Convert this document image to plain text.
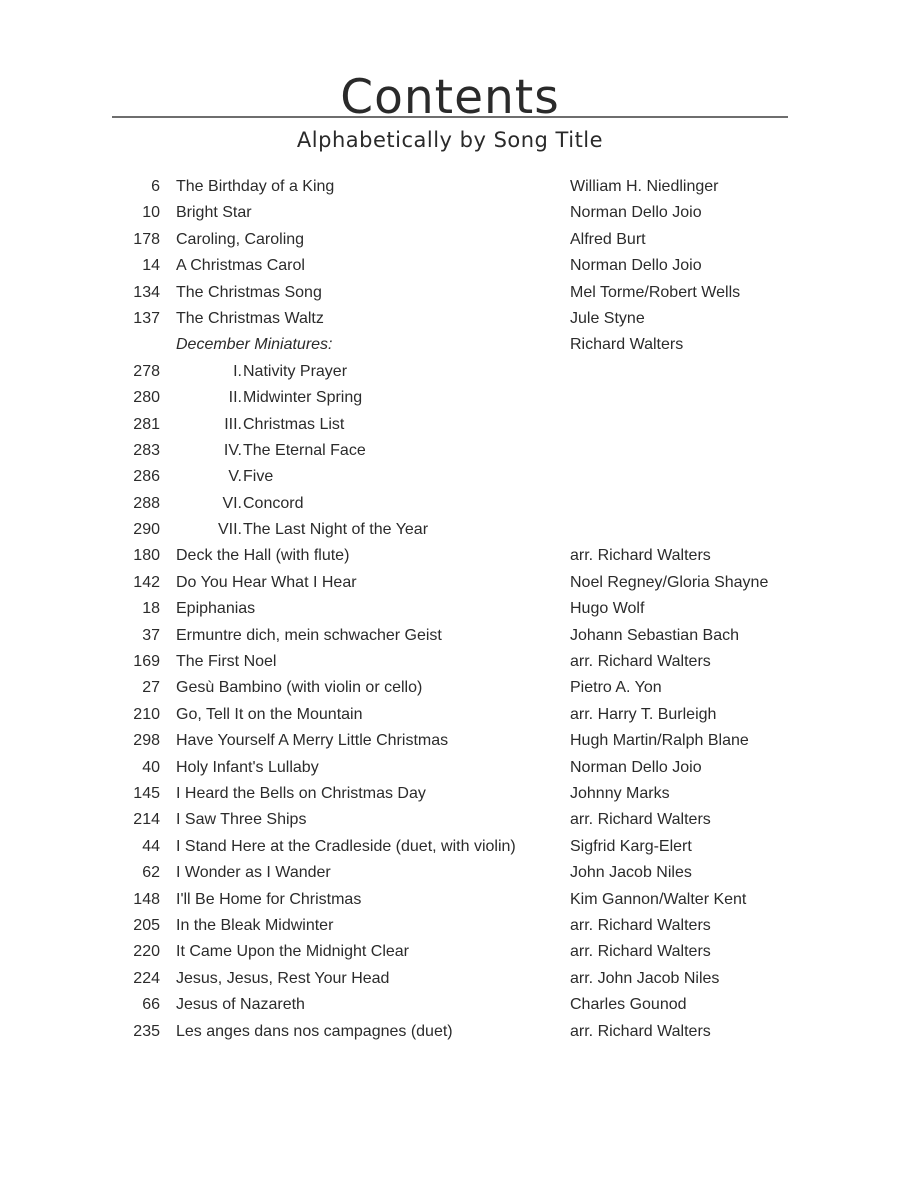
Contents
Alphabetically by Song Title
6 The Birthday of a King	William H. Niedlinger
10 Bright Star	Norman Dello Joio
178 Caroling, Caroling	Alfred Burt
14 A Christmas Carol	Norman Dello Joio
134 The Christmas Song	Mel Torme/Robert Wells
137 The Christmas Waltz	Jule Styne
December Miniatures:	Richard Walters
278	I. Nativity Prayer
280	II. Midwinter Spring
281	III. Christmas List
283	IV. The Eternal Face
286	V. Five
288	VI. Concord
290	VII. The Last Night of the Year
180 Deck the Hall (with flute)	arr. Richard Walters
142 Do You Hear What I Hear	Noel Regney/Gloria Shayne
18 Epiphanias	Hugo Wolf
37 Ermuntre dich, mein schwacher Geist	Johann Sebastian Bach
169 The First Noel	arr. Richard Walters
27 Gesù Bambino (with violin or cello)	Pietro A. Yon
210 Go, Tell It on the Mountain	arr. Harry T. Burleigh
298 Have Yourself A Merry Little Christmas	Hugh Martin/Ralph Blane
40 Holy Infant's Lullaby	Norman Dello Joio
145 I Heard the Bells on Christmas Day	Johnny Marks
214 I Saw Three Ships	arr. Richard Walters
44 I Stand Here at the Cradleside (duet, with violin)	Sigfrid Karg-Elert
62 I Wonder as I Wander	John Jacob Niles
148 I'll Be Home for Christmas	Kim Gannon/Walter Kent
205 In the Bleak Midwinter	arr. Richard Walters
220 It Came Upon the Midnight Clear	arr. Richard Walters
224 Jesus, Jesus, Rest Your Head	arr. John Jacob Niles
66 Jesus of Nazareth	Charles Gounod
235 Les anges dans nos campagnes (duet)	arr. Richard Walters
